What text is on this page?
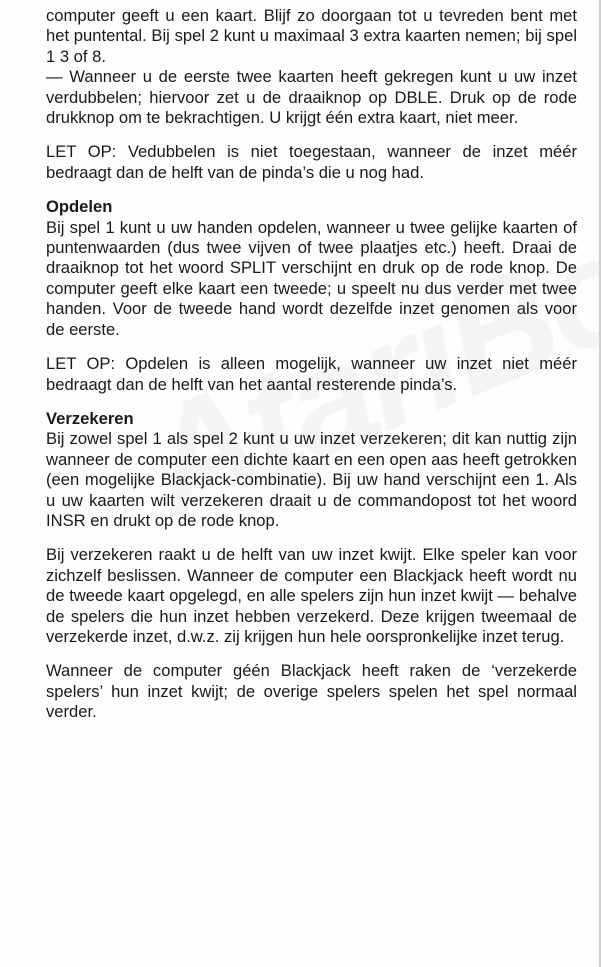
computer geeft u een kaart. Blijf zo doorgaan tot u tevreden bent met het puntental. Bij spel 2 kunt u maximaal 3 extra kaarten nemen; bij spel 1 3 of 8.

— Wanneer u de eerste twee kaarten heeft gekregen kunt u uw inzet verdubbelen; hiervoor zet u de draaiknop op DBLE. Druk op de rode drukknop om te bekrachtigen. U krijgt één extra kaart, niet meer.

LET OP: Vedubbelen is niet toegestaan, wanneer de inzet méér bedraagt dan de helft van de pinda’s die u nog had.

Opdelen

Bij spel 1 kunt u uw handen opdelen, wanneer u twee gelijke kaarten of puntenwaarden (dus twee vijven of twee plaatjes etc.) heeft. Draai de draaiknop tot het woord SPLIT verschijnt en druk op de rode knop. De computer geeft elke kaart een tweede; u speelt nu dus verder met twee handen. Voor de tweede hand wordt dezelfde inzet genomen als voor de eerste.

LET OP: Opdelen is alleen mogelijk, wanneer uw inzet niet méér bedraagt dan de helft van het aantal resterende pinda’s.

Verzekeren

Bij zowel spel 1 als spel 2 kunt u uw inzet verzekeren; dit kan nuttig zijn wanneer de computer een dichte kaart en een open aas heeft getrokken (een mogelijke Blackjack-combinatie). Bij uw hand verschijnt een 1. Als u uw kaarten wilt verzekeren draait u de commandopost tot het woord INSR en drukt op de rode knop.

Bij verzekeren raakt u de helft van uw inzet kwijt. Elke speler kan voor zichzelf beslissen. Wanneer de computer een Blackjack heeft wordt nu de tweede kaart opgelegd, en alle spelers zijn hun inzet kwijt — behalve de spelers die hun inzet hebben verzekerd. Deze krijgen tweemaal de verzekerde inzet, d.w.z. zij krijgen hun hele oorspronkelijke inzet terug.

Wanneer de computer géén Blackjack heeft raken de ‘verzekerde spelers’ hun inzet kwijt; de overige spelers spelen het spel normaal verder.
